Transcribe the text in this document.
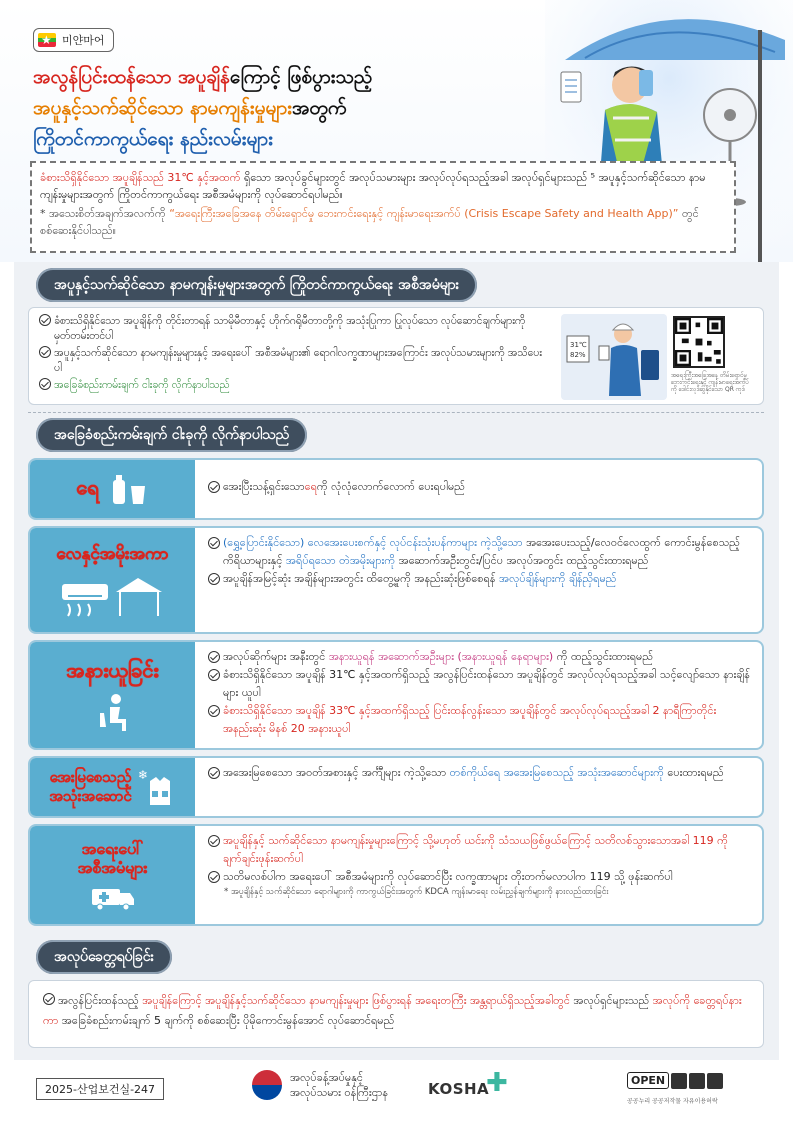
★ 미얀마어
အလွန်ပြင်းထန်သော အပူချိန်ကြောင့် ဖြစ်ပွားသည့်
အပူနှင့်သက်ဆိုင်သော နာမကျန်းမှုများအတွက်
ကြိုတင်ကာကွယ်ရေး နည်းလမ်းများ
ခံစားသိရှိနိုင်သော အပူချိန်သည် 31℃ နှင့်အထက် ရှိသော အလုပ်ခွင်များတွင် အလုပ်သမားများ အလုပ်လုပ်ရသည့်အခါ အလုပ်ရှင်များသည် ⁵ အပူနှင့်သက်ဆိုင်သော နာမကျန်းမှုများအတွက် ကြိုတင်ကာကွယ်ရေး အစီအမံများကို လုပ်ဆောင်ရပါမည်။
* အသေးစိတ်အချက်အလက်ကို “အရေးကြီးအခြေအနေ တိမ်းရှောင်မှု ဘေးကင်းရေးနှင့် ကျန်းမာရေးအက်ပ် (Crisis Escape Safety and Health App)” တွင် စစ်ဆေးနိုင်ပါသည်။
အပူနှင့်သက်ဆိုင်သော နာမကျန်းမှုများအတွက် ကြိုတင်ကာကွယ်ရေး အစီအမံများ
ခံစားသိရှိနိုင်သော အပူချိန်ကို တိုင်းတာရန် သာမိုမီတာနှင့် ဟိုက်ဂရိုမီတာတို့ကို အသုံးပြုကာ ပြုလုပ်သော လုပ်ဆောင်ချက်များကို မှတ်တမ်းတင်ပါ
အပူနှင့်သက်ဆိုင်သော နာမကျန်းမှုများနှင့် အရေးပေါ် အစီအမံများ၏ ရောဂါလက္ခဏာများအကြောင်း အလုပ်သမားများကို အသိပေးပါ
အခြေခံစည်းကမ်းချက် ငါးခုကို လိုက်နာပါသည်
31℃
82%
အရေးကြီးအခြေအနေ တိမ်းရှောင်မှု ဘေးကင်းရေးနှင့် ကျန်းမာရေးအက်ပ်ကို ဒေါင်းလုဒ်ဆွဲနိုင်သော QR ကုဒ်
အခြေခံစည်းကမ်းချက် ငါးခုကို လိုက်နာပါသည်
ရေ	အေးပြီးသန့်ရှင်းသောရေကို လုံလုံလောက်လောက် ပေးရပါမည်
လေနှင့်အမိုးအကာ
(ရွှေ့ပြောင်းနိုင်သော) လေအေးပေးစက်နှင့် လုပ်ငန်းသုံးပန်ကာများ ကဲ့သို့သော အအေးပေးသည့်/လေဝင်လေထွက် ကောင်းမွန်စေသည့် ကိရိယာများနှင့် အရိပ်ရသော တဲအမိုးများကို အဆောက်အဦးတွင်း/ပြင်ပ အလုပ်အတွင်း ထည့်သွင်းထားရမည်
အပူချိန်အမြင့်ဆုံး အချိန်များအတွင်း ထိတွေ့မှုကို အနည်းဆုံးဖြစ်စေရန် အလုပ်ချိန်များကို ချိန်ညှိရမည်
အနားယူခြင်း
အလုပ်ဆိုက်များ အနီးတွင် အနားယူရန် အဆောက်အဦးများ (အနားယူရန် နေရာများ) ကို ထည့်သွင်းထားရမည်
ခံစားသိရှိနိုင်သော အပူချိန် 31℃ နှင့်အထက်ရှိသည့် အလွန်ပြင်းထန်သော အပူချိန်တွင် အလုပ်လုပ်ရသည့်အခါ သင့်လျော်သော နားချိန်များ ယူပါ
ခံစားသိရှိနိုင်သော အပူချိန် 33℃ နှင့်အထက်ရှိသည့် ပြင်းထန်လွန်းသော အပူချိန်တွင် အလုပ်လုပ်ရသည့်အခါ 2 နာရီကြာတိုင်း အနည်းဆုံး မိနစ် 20 အနားယူပါ
အေးမြစေသည့်
အသုံးအဆောင်
❄	အအေးမြစေသော အဝတ်အစားနှင့် အင်္ကျီများ ကဲ့သို့သော တစ်ကိုယ်ရေ အအေးမြစေသည့် အသုံးအဆောင်များကို ပေးထားရမည်
အရေးပေါ်
အစီအမံများ
အပူချိန်နှင့် သက်ဆိုင်သော နာမကျန်းမှုများကြောင့် သို့မဟုတ် ယင်းကို သံသယဖြစ်ဖွယ်ကြောင့် သတိလစ်သွားသောအခါ 119 ကို ချက်ချင်းဖုန်းဆက်ပါ
သတိမလစ်ပါက အရေးပေါ် အစီအမံများကို လုပ်ဆောင်ပြီး လက္ခဏာများ တိုးတက်မလာပါက 119 သို့ ဖုန်းဆက်ပါ
* အပူချိန်နှင့် သက်ဆိုင်သော ရောဂါများကို ကာကွယ်ခြင်းအတွက် KDCA ကျန်းမာရေး လမ်းညွှန်ချက်များကို နားလည်ထားခြင်း
အလုပ်ခေတ္တရပ်ခြင်း
အလွန်ပြင်းထန်သည့် အပူချိန်ကြောင့် အပူချိန်နှင့်သက်ဆိုင်သော နာမကျန်းမှုများ ဖြစ်ပွားရန် အရေးတကြီး အန္တရာယ်ရှိသည့်အခါတွင် အလုပ်ရှင်များသည် အလုပ်ကို ခေတ္တရပ်နားကာ အခြေခံစည်းကမ်းချက် 5 ချက်ကို စစ်ဆေးပြီး ပိုမိုကောင်းမွန်အောင် လုပ်ဆောင်ရမည်
2025-산업보건실-247
အလုပ်ခန့်အပ်မှုနှင့်
အလုပ်သမား ဝန်ကြီးဌာန	KOSHA
✚	OPEN
공공누리 공공저작물 자유이용허락
